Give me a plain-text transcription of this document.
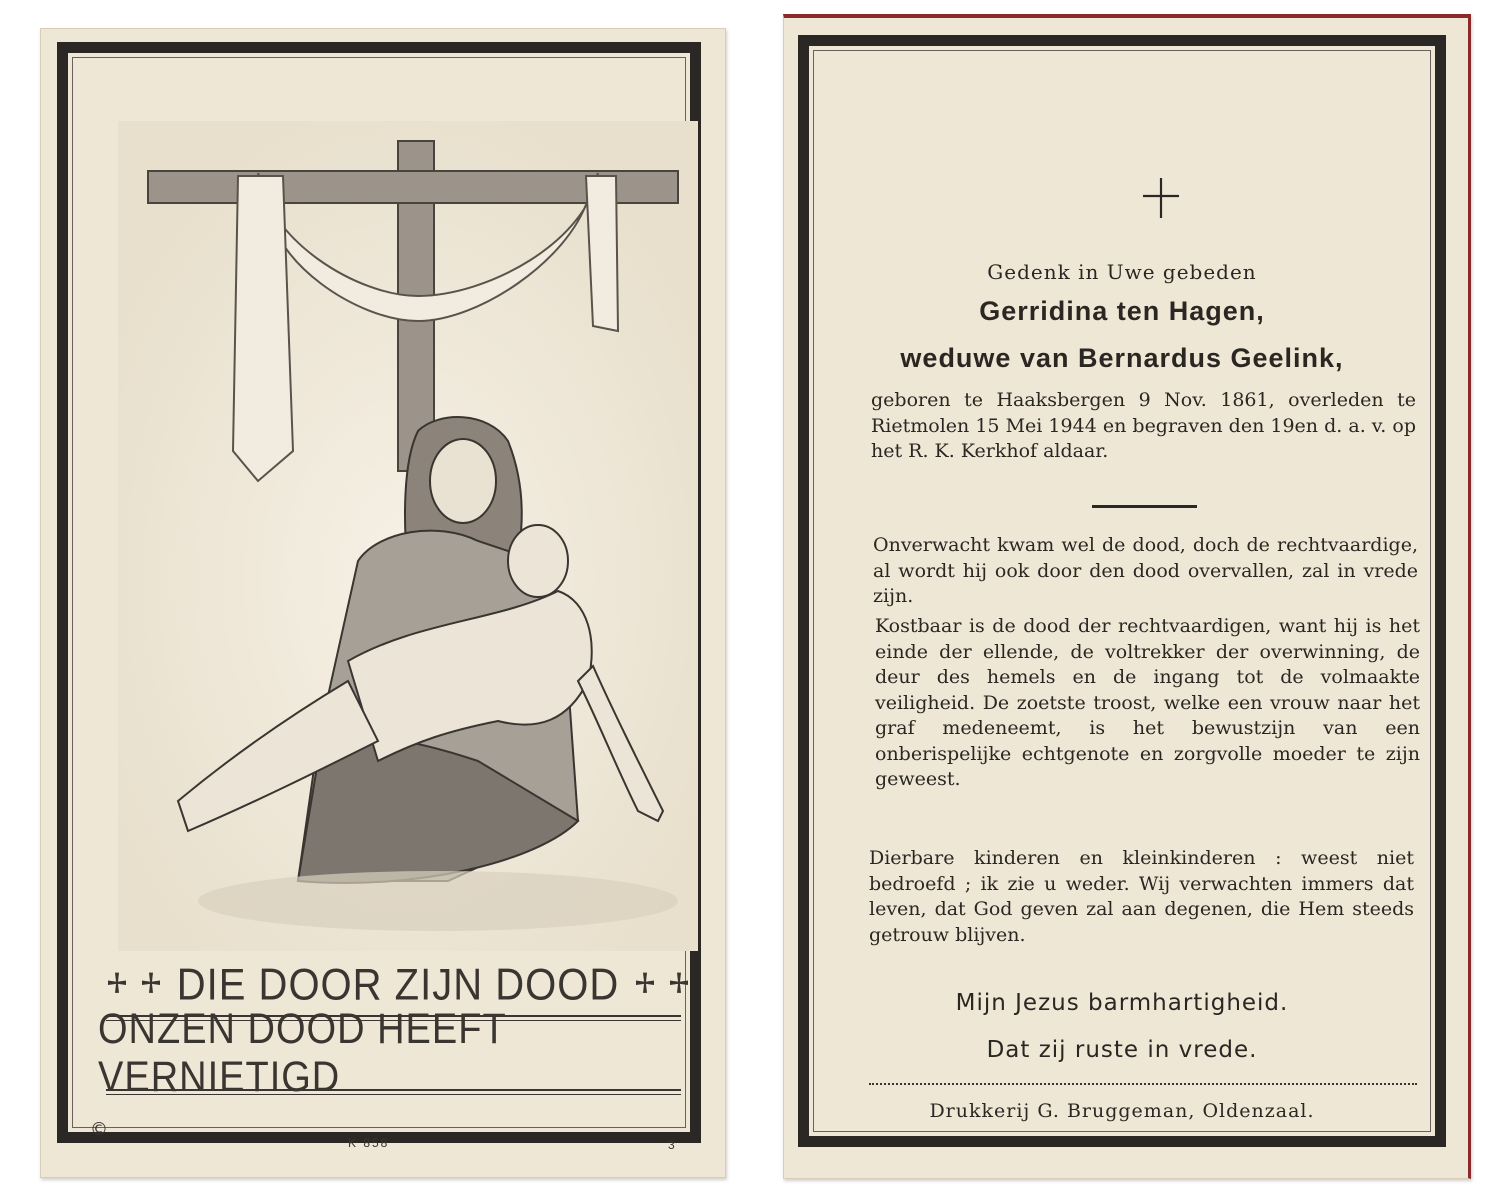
DIE DOOR ZIJN DOOD
ONZEN DOOD HEEFT VERNIETIGD
©
K 858	3
Gedenk in Uwe gebeden
Gerridina ten Hagen,
weduwe van Bernardus Geelink,
geboren te Haaksbergen 9 Nov. 1861, overleden te Rietmolen 15 Mei 1944 en begraven den 19en d. a. v. op het R. K. Kerkhof aldaar.
Onverwacht kwam wel de dood, doch de rechtvaardige, al wordt hij ook door den dood overvallen, zal in vrede zijn.
Kostbaar is de dood der rechtvaardigen, want hij is het einde der ellende, de voltrekker der overwinning, de deur des hemels en de ingang tot de volmaakte veiligheid. De zoetste troost, welke een vrouw naar het graf medeneemt, is het bewustzijn van een onberispelijke echtgenote en zorgvolle moeder te zijn geweest.
Dierbare kinderen en kleinkinderen : weest niet bedroefd ; ik zie u weder. Wij verwachten immers dat leven, dat God geven zal aan degenen, die Hem steeds getrouw blijven.
Mijn Jezus barmhartigheid.
Dat zij ruste in vrede.
Drukkerij G. Bruggeman, Oldenzaal.
